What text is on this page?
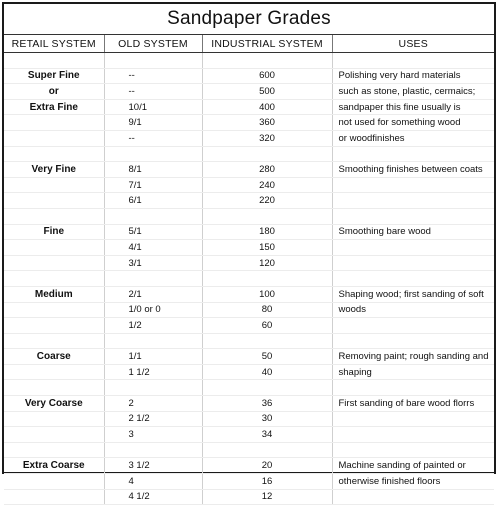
Sandpaper Grades
RETAIL SYSTEM	OLD SYSTEM	INDUSTRIAL SYSTEM	USES

Super Fine	--	600	Polishing very hard materials
or	--	500	such as stone, plastic, cermaics;
Extra Fine	10/1	400	sandpaper this fine usually is
	9/1	360	not used for something wood
	--	320	or woodfinishes

Very Fine	8/1	280	Smoothing finishes between coats
	7/1	240	
	6/1	220	

Fine	5/1	180	Smoothing bare wood
	4/1	150	
	3/1	120	

Medium	2/1	100	Shaping wood; first sanding of soft
	1/0 or 0	80	woods
	1/2	60	

Coarse	1/1	50	Removing paint; rough sanding and
	1 1/2	40	shaping

Very Coarse	2	36	First sanding of bare wood florrs
	2 1/2	30	
	3	34	

Extra Coarse	3 1/2	20	Machine sanding of painted or
	4	16	otherwise finished floors
	4 1/2	12	
